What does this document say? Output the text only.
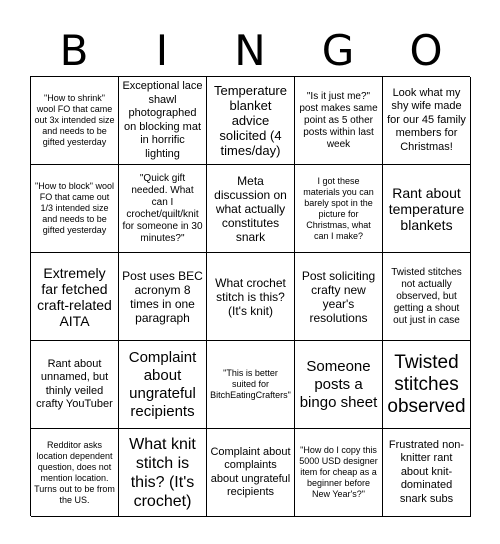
B	I	N	G	O
"How to shrink" wool FO that came out 3x intended size and needs to be gifted yesterday
Exceptional lace shawl photographed on blocking mat in horrific lighting
Temperature blanket advice solicited (4 times/day)
"Is it just me?" post makes same point as 5 other posts within last week
Look what my shy wife made for our 45 family members for Christmas!
"How to block" wool FO that came out 1/3 intended size and needs to be gifted yesterday
"Quick gift needed. What can I crochet/quilt/knit for someone in 30 minutes?"
Meta discussion on what actually constitutes snark
I got these materials you can barely spot in the picture for Christmas, what can I make?
Rant about temperature blankets
Extremely far fetched craft-related AITA
Post uses BEC acronym 8 times in one paragraph
What crochet stitch is this? (It's knit)
Post soliciting crafty new year's resolutions
Twisted stitches not actually observed, but getting a shout out just in case
Rant about unnamed, but thinly veiled crafty YouTuber
Complaint about ungrateful recipients
"This is better suited for BitchEatingCrafters"
Someone posts a bingo sheet
Twisted stitches observed
Redditor asks location dependent question, does not mention location. Turns out to be from the US.
What knit stitch is this? (It's crochet)
Complaint about complaints about ungrateful recipients
"How do I copy this 5000 USD designer item for cheap as a beginner before New Year's?"
Frustrated non-knitter rant about knit-dominated snark subs
